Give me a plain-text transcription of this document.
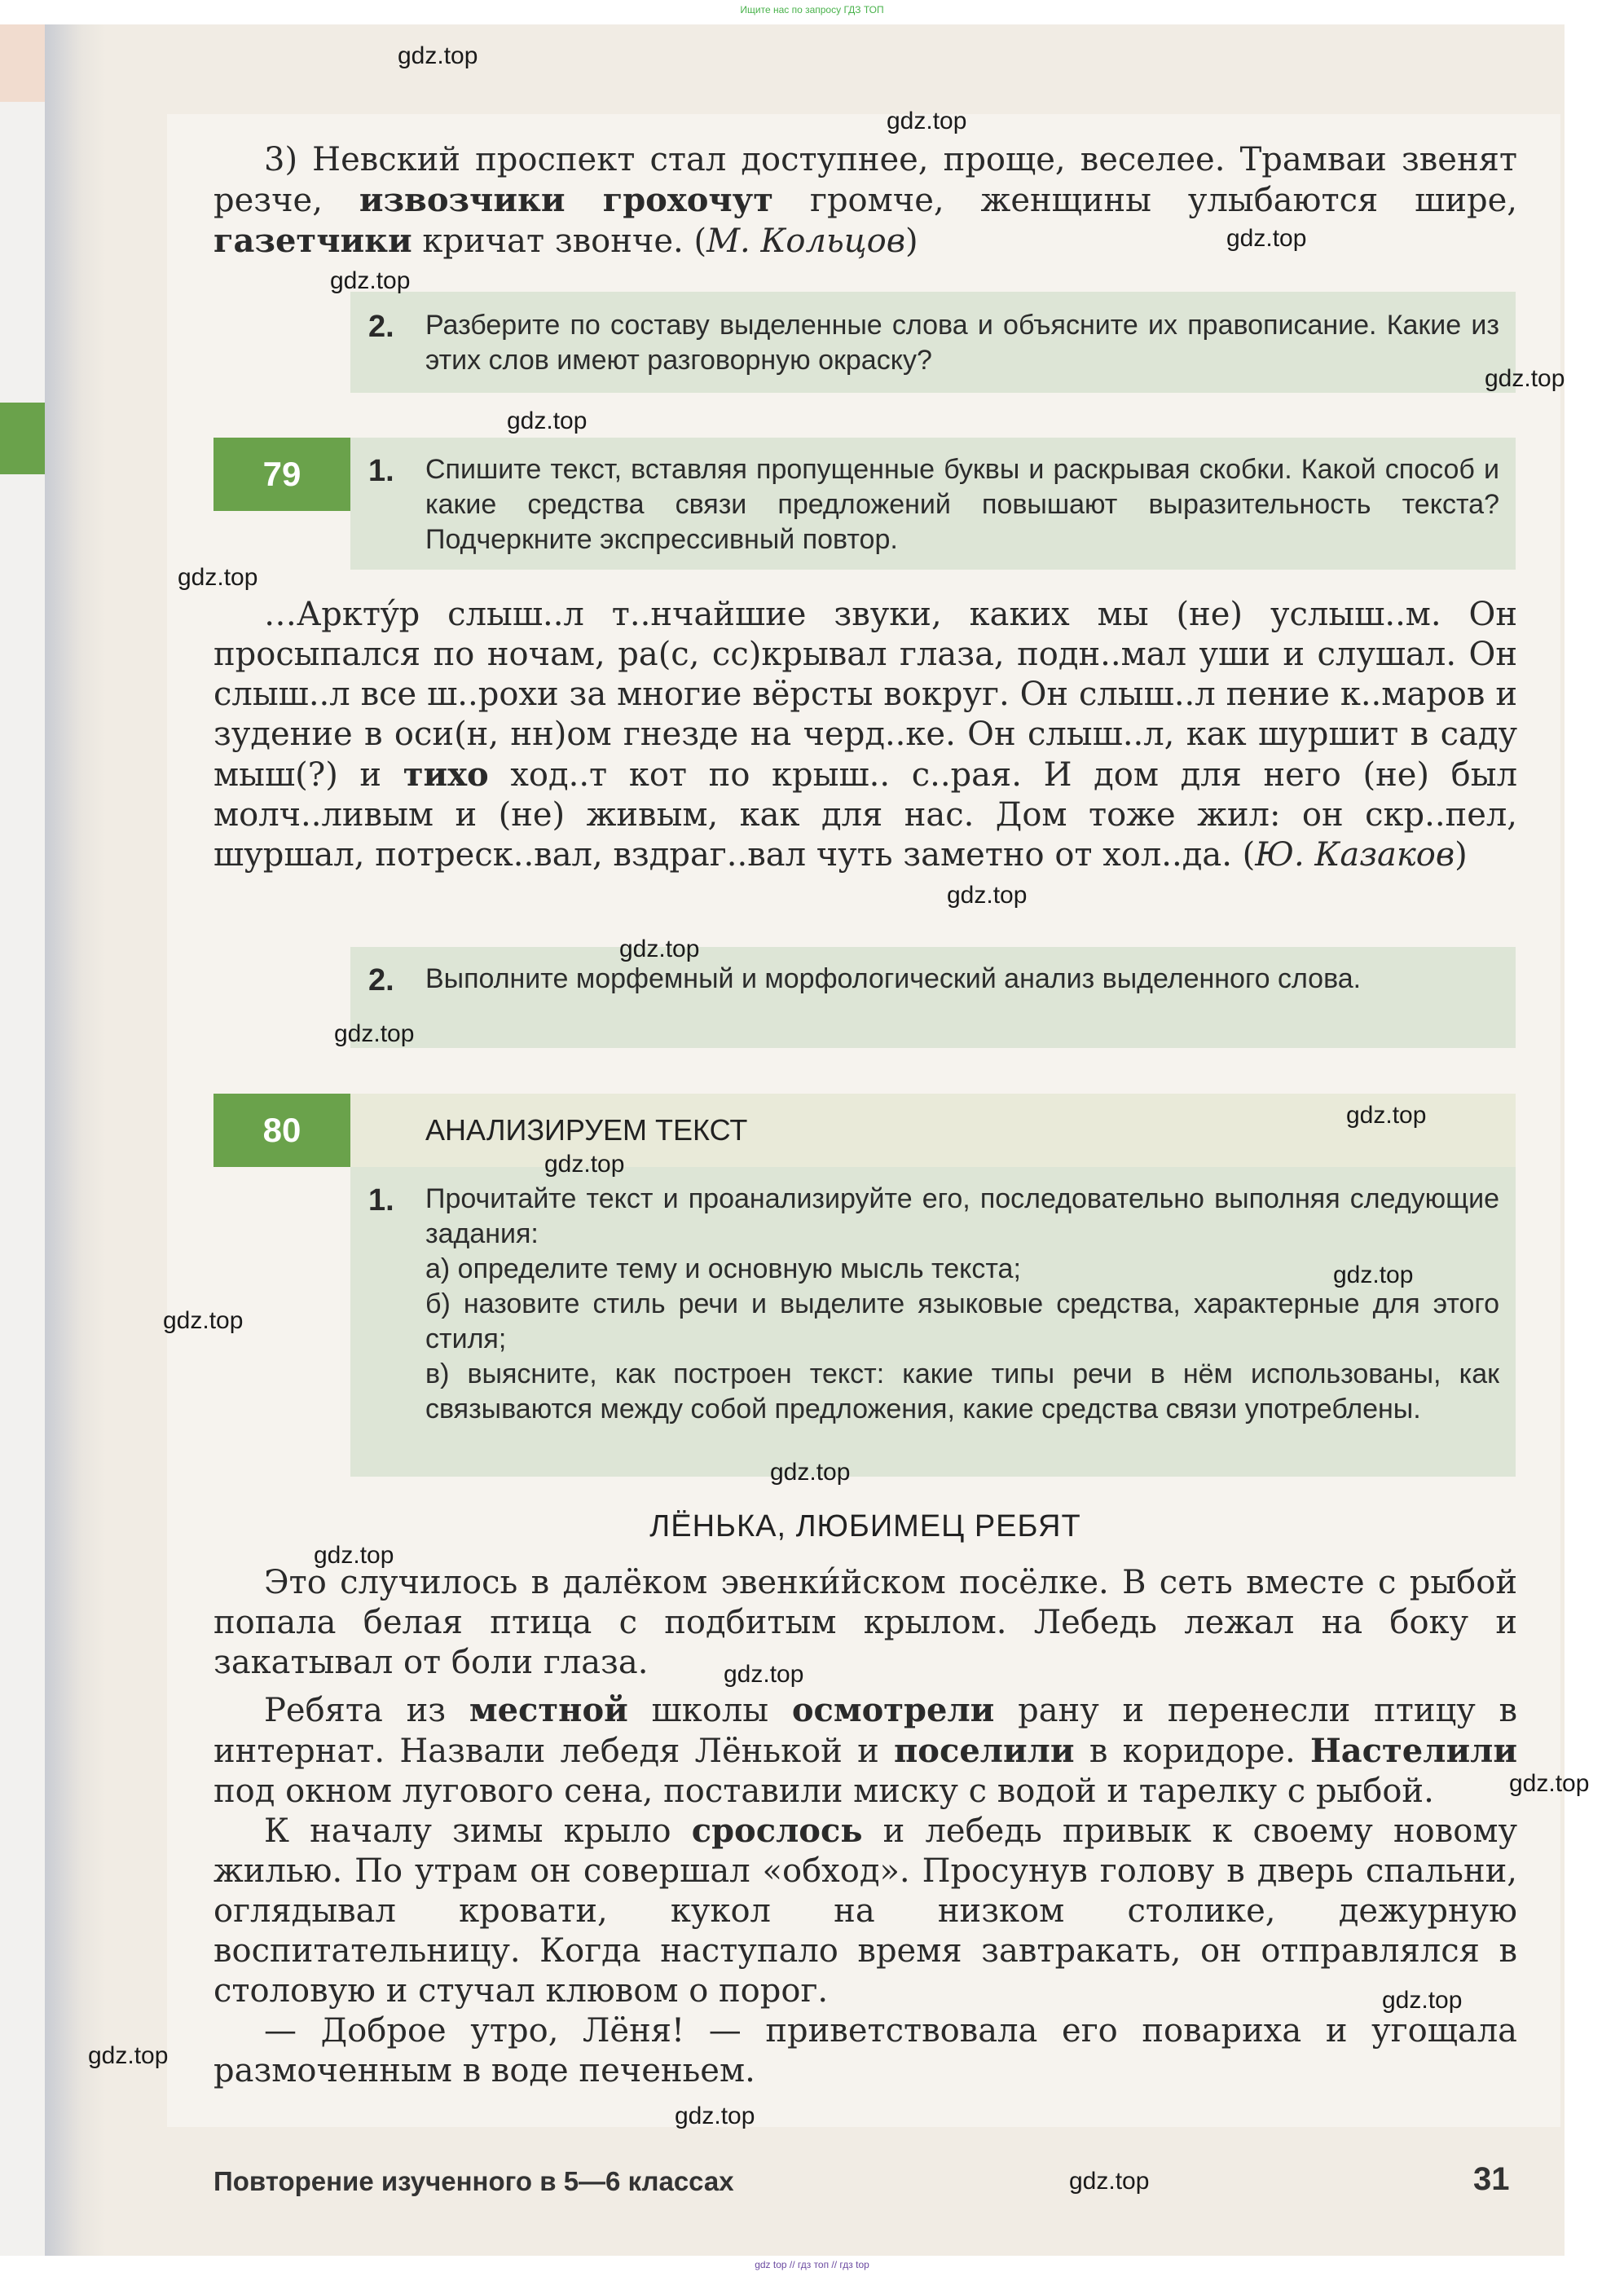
Ищите нас по запросу ГДЗ ТОП
3) Невский проспект стал доступнее, проще, веселее. Трамваи звенят резче, извозчики грохочут громче, женщины улыбаются шире, газетчики кричат звонче. (М. Кольцов)
2. Разберите по составу выделенные слова и объясните их правописание. Какие из этих слов имеют разговорную окраску?
79	1. Спишите текст, вставляя пропущенные буквы и раскрывая скобки. Какой способ и какие средства связи предложений повышают выразительность текста? Подчеркните экспрессивный повтор.
…Арктýр слыш..л т..нчайшие звуки, каких мы (не) услыш..м. Он просыпался по ночам, ра(с, сс)крывал глаза, подн..мал уши и слушал. Он слыш..л все ш..рохи за многие вёрсты вокруг. Он слыш..л пение к..маров и зудение в оси(н, нн)ом гнезде на черд..ке. Он слыш..л, как шуршит в саду мыш(?) и тихо ход..т кот по крыш.. с..рая. И дом для него (не) был молч..ливым и (не) живым, как для нас. Дом тоже жил: он скр..пел, шуршал, потреск..вал, вздраг..вал чуть заметно от хол..да. (Ю. Казаков)
2. Выполните морфемный и морфологический анализ выделенного слова.
80	АНАЛИЗИРУЕМ ТЕКСТ
1. Прочитайте текст и проанализируйте его, последовательно выполняя следующие задания:
а) определите тему и основную мысль текста;
б) назовите стиль речи и выделите языковые средства, характерные для этого стиля;
в) выясните, как построен текст: какие типы речи в нём использованы, как связываются между собой предложения, какие средства связи употреблены.
ЛЁНЬКА, ЛЮБИМЕЦ РЕБЯТ
Это случилось в далёком эвенки́йском посёлке. В сеть вместе с рыбой попала белая птица с подбитым крылом. Лебедь лежал на боку и закатывал от боли глаза.
Ребята из местной школы осмотрели рану и перенесли птицу в интернат. Назвали лебедя Лёнькой и поселили в коридоре. Настелили под окном лугового сена, поставили миску с водой и тарелку с рыбой.
К началу зимы крыло срослось и лебедь привык к своему новому жилью. По утрам он совершал «обход». Просунув голову в дверь спальни, оглядывал кровати, кукол на низком столике, дежурную воспитательницу. Когда наступало время завтракать, он отправлялся в столовую и стучал клювом о порог.
— Доброе утро, Лёня! — приветствовала его повариха и угощала размоченным в воде печеньем.
Повторение изученного в 5—6 классах	31
gdz.top
gdz.top
gdz.top
gdz.top
gdz.top
gdz.top
gdz.top
gdz.top
gdz.top
gdz.top
gdz.top
gdz.top
gdz.top
gdz.top
gdz.top
gdz.top
gdz.top
gdz.top
gdz.top
gdz.top
gdz.top
gdz.top
gdz top // гдз топ // гдз top
